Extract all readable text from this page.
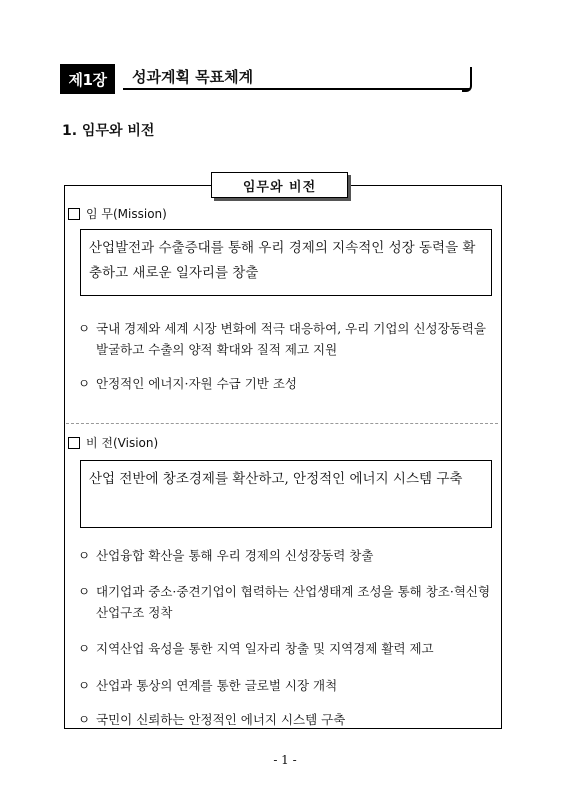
제1장	성과계획 목표체계
1. 임무와 비전
임무와 비전
임 무(Mission)
산업발전과 수출증대를 통해 우리 경제의 지속적인 성장 동력을 확충하고 새로운 일자리를 창출
ㅇ 국내 경제와 세계 시장 변화에 적극 대응하여, 우리 기업의 신성장동력을 발굴하고 수출의 양적 확대와 질적 제고 지원
ㅇ 안정적인 에너지·자원 수급 기반 조성
비 전(Vision)
산업 전반에 창조경제를 확산하고, 안정적인 에너지 시스템 구축
ㅇ 산업융합 확산을 통해 우리 경제의 신성장동력 창출
ㅇ 대기업과 중소·중견기업이 협력하는 산업생태계 조성을 통해 창조·혁신형 산업구조 정착
ㅇ 지역산업 육성을 통한 지역 일자리 창출 및 지역경제 활력 제고
ㅇ 산업과 통상의 연계를 통한 글로벌 시장 개척
ㅇ 국민이 신뢰하는 안정적인 에너지 시스템 구축
- 1 -
